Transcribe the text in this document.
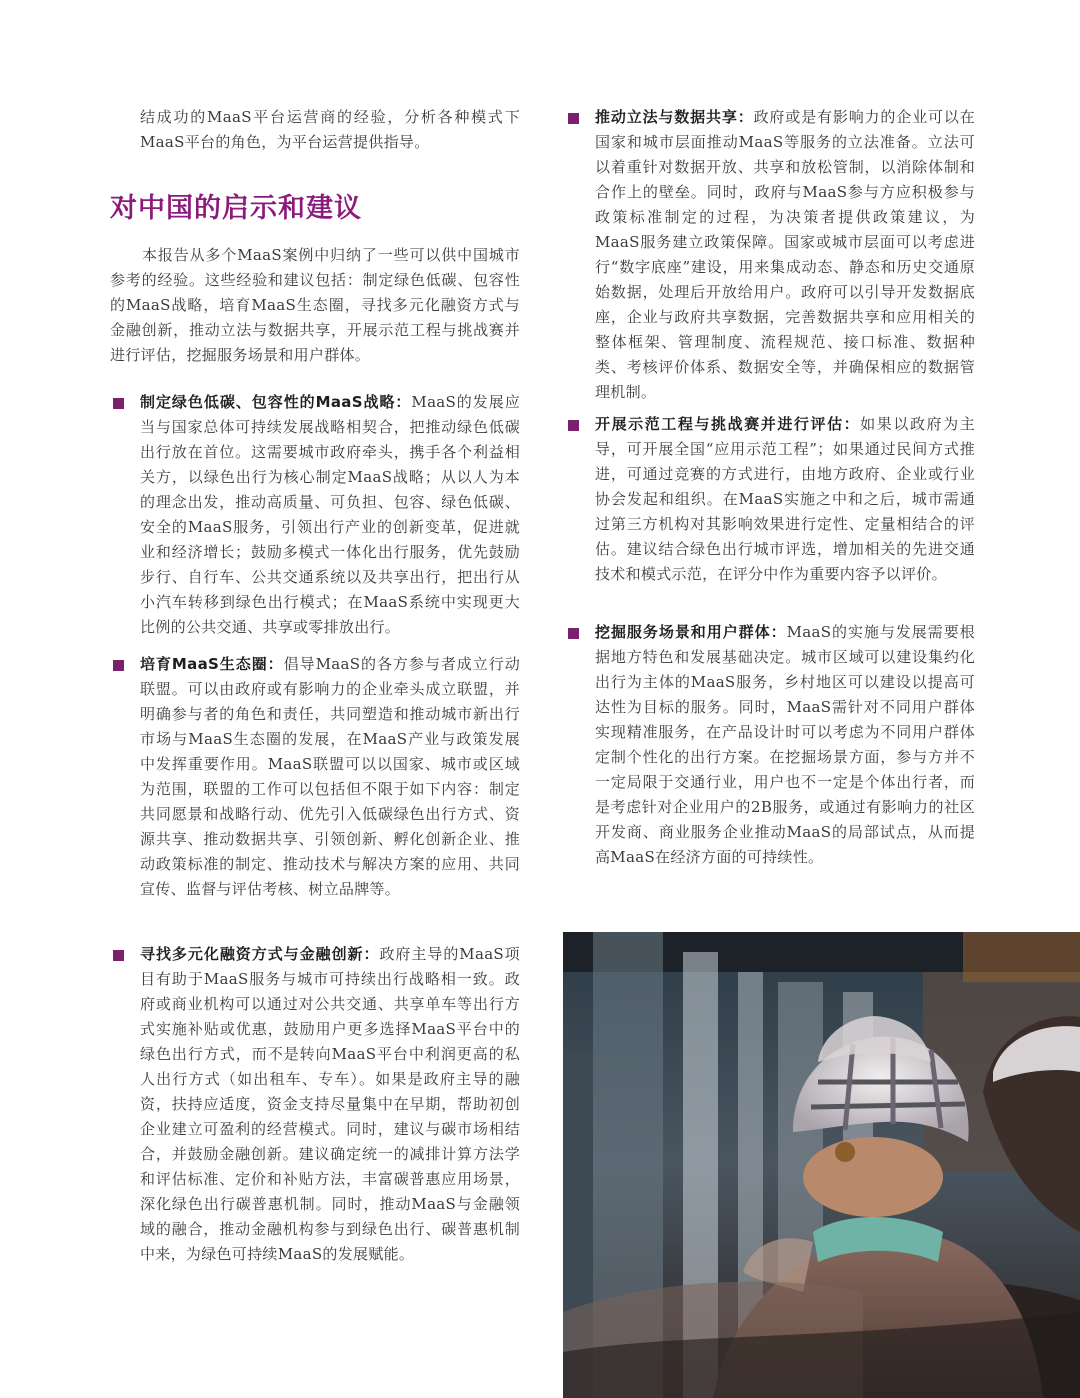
结成功的MaaS平台运营商的经验，分析各种模式下MaaS平台的角色，为平台运营提供指导。

对中国的启示和建议

本报告从多个MaaS案例中归纳了一些可以供中国城市参考的经验。这些经验和建议包括：制定绿色低碳、包容性的MaaS战略，培育MaaS生态圈，寻找多元化融资方式与金融创新，推动立法与数据共享，开展示范工程与挑战赛并进行评估，挖掘服务场景和用户群体。

制定绿色低碳、包容性的MaaS战略：MaaS的发展应当与国家总体可持续发展战略相契合，把推动绿色低碳出行放在首位。这需要城市政府牵头，携手各个利益相关方，以绿色出行为核心制定MaaS战略；从以人为本的理念出发，推动高质量、可负担、包容、绿色低碳、安全的MaaS服务，引领出行产业的创新变革，促进就业和经济增长；鼓励多模式一体化出行服务，优先鼓励步行、自行车、公共交通系统以及共享出行，把出行从小汽车转移到绿色出行模式；在MaaS系统中实现更大比例的公共交通、共享或零排放出行。
培育MaaS生态圈：倡导MaaS的各方参与者成立行动联盟。可以由政府或有影响力的企业牵头成立联盟，并明确参与者的角色和责任，共同塑造和推动城市新出行市场与MaaS生态圈的发展，在MaaS产业与政策发展中发挥重要作用。MaaS联盟可以以国家、城市或区域为范围，联盟的工作可以包括但不限于如下内容：制定共同愿景和战略行动、优先引入低碳绿色出行方式、资源共享、推动数据共享、引领创新、孵化创新企业、推动政策标准的制定、推动技术与解决方案的应用、共同宣传、监督与评估考核、树立品牌等。
寻找多元化融资方式与金融创新：政府主导的MaaS项目有助于MaaS服务与城市可持续出行战略相一致。政府或商业机构可以通过对公共交通、共享单车等出行方式实施补贴或优惠，鼓励用户更多选择MaaS平台中的绿色出行方式，而不是转向MaaS平台中利润更高的私人出行方式（如出租车、专车）。如果是政府主导的融资，扶持应适度，资金支持尽量集中在早期，帮助初创企业建立可盈利的经营模式。同时，建议与碳市场相结合，并鼓励金融创新。建议确定统一的减排计算方法学和评估标准、定价和补贴方法，丰富碳普惠应用场景，深化绿色出行碳普惠机制。同时，推动MaaS与金融领域的融合，推动金融机构参与到绿色出行、碳普惠机制中来，为绿色可持续MaaS的发展赋能。
推动立法与数据共享：政府或是有影响力的企业可以在国家和城市层面推动MaaS等服务的立法准备。立法可以着重针对数据开放、共享和放松管制，以消除体制和合作上的壁垒。同时，政府与MaaS参与方应积极参与政策标准制定的过程，为决策者提供政策建议，为MaaS服务建立政策保障。国家或城市层面可以考虑进行“数字底座”建设，用来集成动态、静态和历史交通原始数据，处理后开放给用户。政府可以引导开发数据底座，企业与政府共享数据，完善数据共享和应用相关的整体框架、管理制度、流程规范、接口标准、数据种类、考核评价体系、数据安全等，并确保相应的数据管理机制。
开展示范工程与挑战赛并进行评估：如果以政府为主导，可开展全国“应用示范工程”；如果通过民间方式推进，可通过竞赛的方式进行，由地方政府、企业或行业协会发起和组织。在MaaS实施之中和之后，城市需通过第三方机构对其影响效果进行定性、定量相结合的评估。建议结合绿色出行城市评选，增加相关的先进交通技术和模式示范，在评分中作为重要内容予以评价。
挖掘服务场景和用户群体：MaaS的实施与发展需要根据地方特色和发展基础决定。城市区域可以建设集约化出行为主体的MaaS服务，乡村地区可以建设以提高可达性为目标的服务。同时，MaaS需针对不同用户群体实现精准服务，在产品设计时可以考虑为不同用户群体定制个性化的出行方案。在挖掘场景方面，参与方并不一定局限于交通行业，用户也不一定是个体出行者，而是考虑针对企业用户的2B服务，或通过有影响力的社区开发商、商业服务企业推动MaaS的局部试点，从而提高MaaS在经济方面的可持续性。
